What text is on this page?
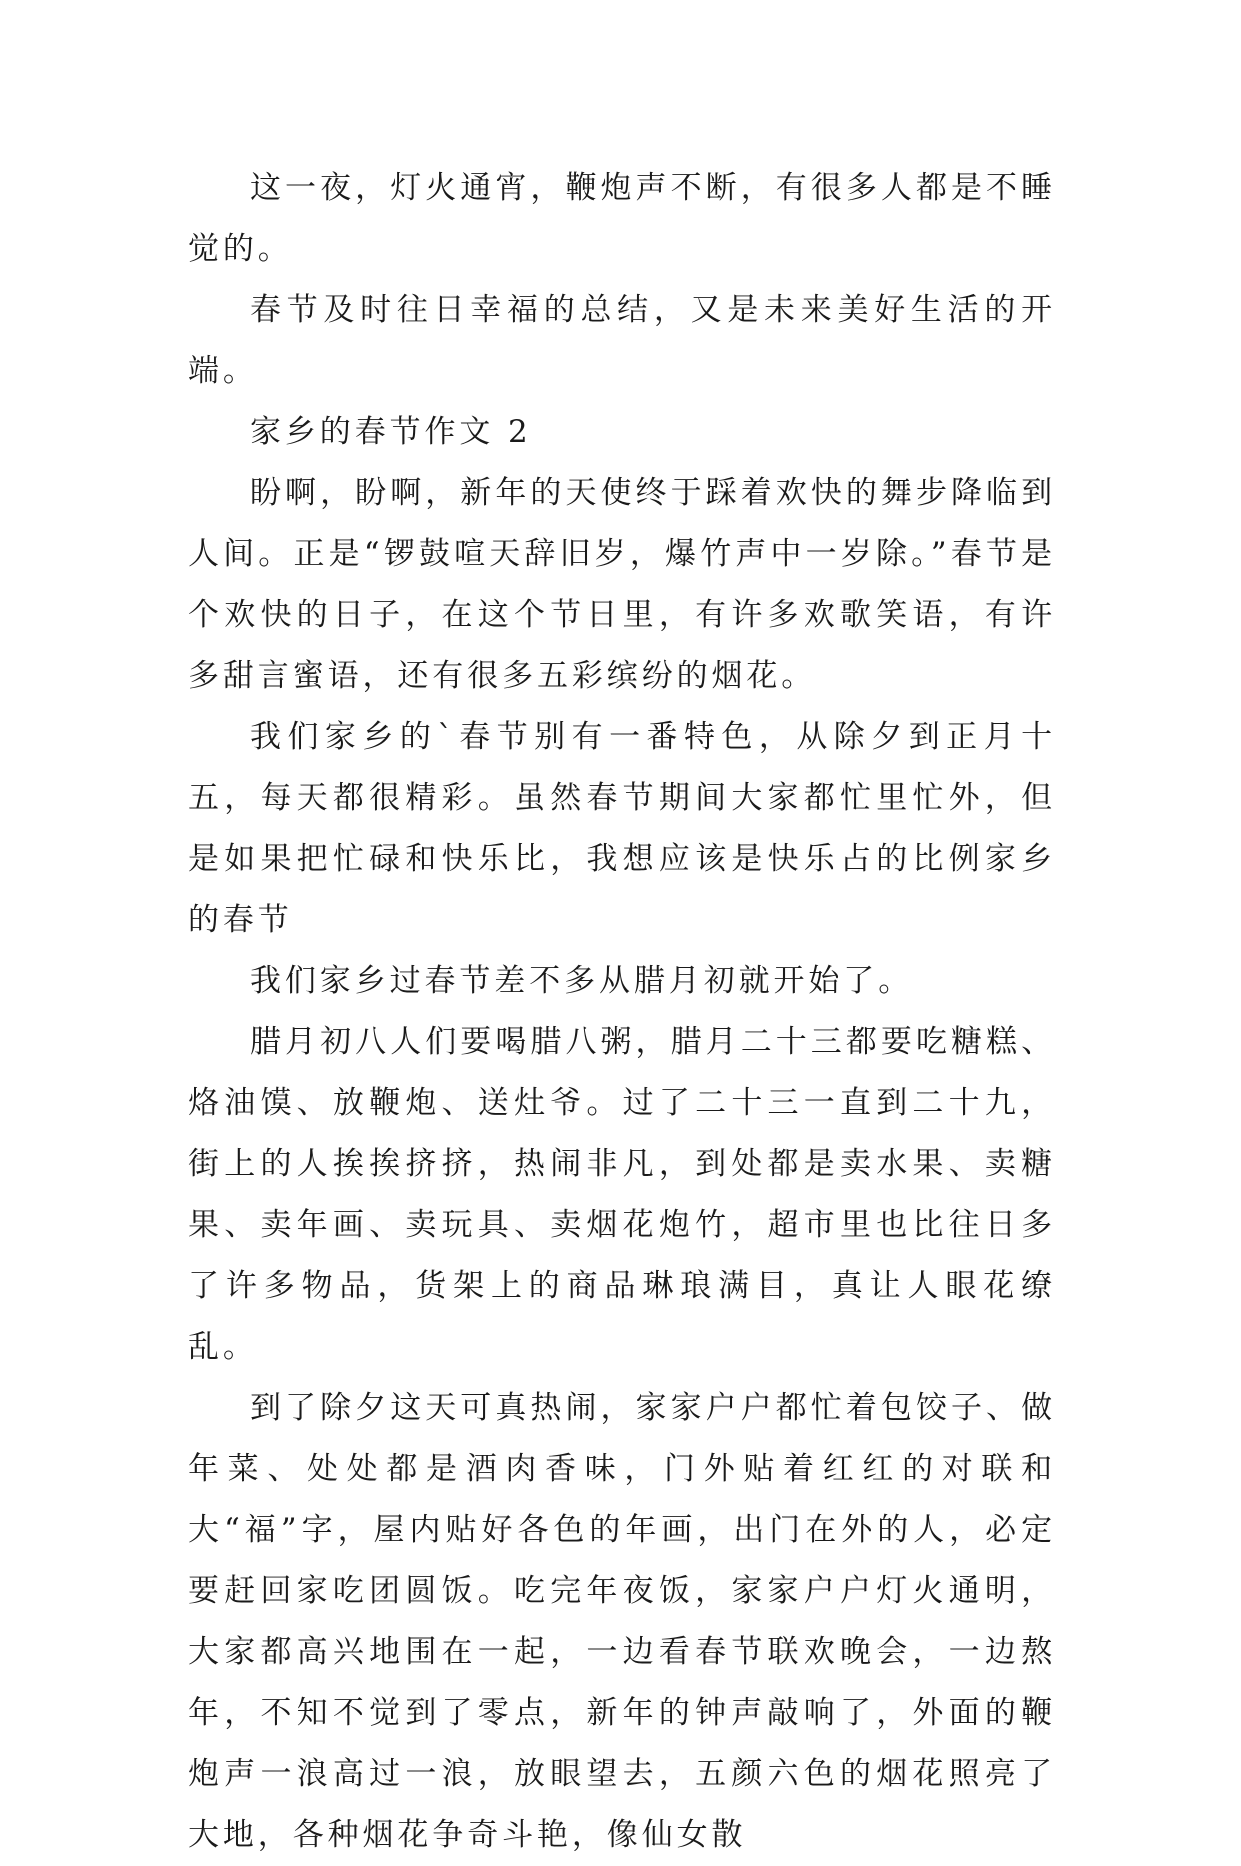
这一夜，灯火通宵，鞭炮声不断，有很多人都是不睡觉的。

春节及时往日幸福的总结，又是未来美好生活的开端。

家乡的春节作文 2

盼啊，盼啊，新年的天使终于踩着欢快的舞步降临到人间。正是“锣鼓喧天辞旧岁，爆竹声中一岁除。”春节是个欢快的日子，在这个节日里，有许多欢歌笑语，有许多甜言蜜语，还有很多五彩缤纷的烟花。

我们家乡的`春节别有一番特色，从除夕到正月十五，每天都很精彩。虽然春节期间大家都忙里忙外，但是如果把忙碌和快乐比，我想应该是快乐占的比例家乡的春节

我们家乡过春节差不多从腊月初就开始了。

腊月初八人们要喝腊八粥，腊月二十三都要吃糖糕、烙油馍、放鞭炮、送灶爷。过了二十三一直到二十九，街上的人挨挨挤挤，热闹非凡，到处都是卖水果、卖糖果、卖年画、卖玩具、卖烟花炮竹，超市里也比往日多了许多物品，货架上的商品琳琅满目，真让人眼花缭乱。

到了除夕这天可真热闹，家家户户都忙着包饺子、做年菜、处处都是酒肉香味，门外贴着红红的对联和大“福”字，屋内贴好各色的年画，出门在外的人，必定要赶回家吃团圆饭。吃完年夜饭，家家户户灯火通明，大家都高兴地围在一起，一边看春节联欢晚会，一边熬年，不知不觉到了零点，新年的钟声敲响了，外面的鞭炮声一浪高过一浪，放眼望去，五颜六色的烟花照亮了大地，各种烟花争奇斗艳，像仙女散
